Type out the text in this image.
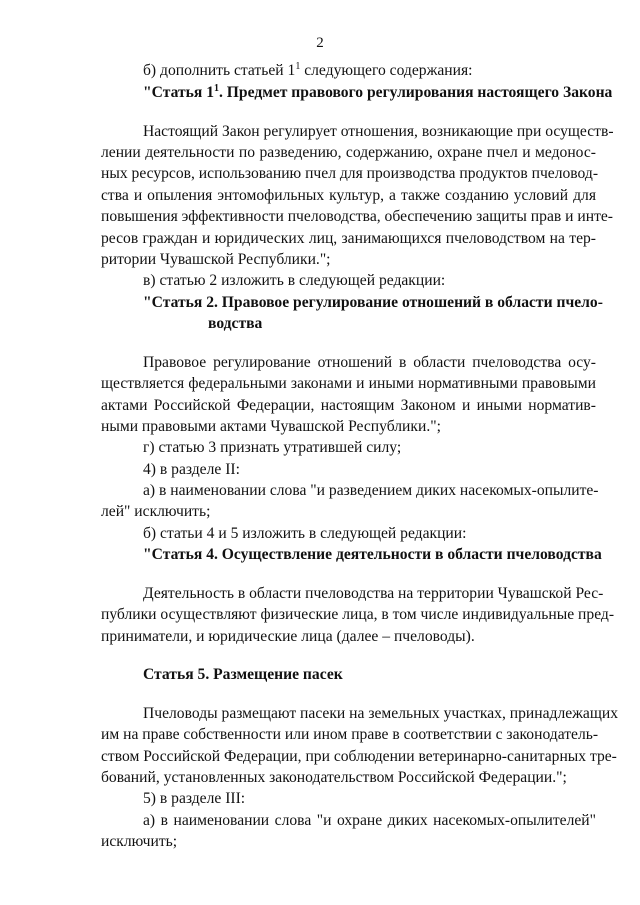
2
б) дополнить статьей $1^1$ следующего содержания:
"Статья $1^1$. Предмет правового регулирования настоящего Закона
Настоящий Закон регулирует отношения, возникающие при осуществ-
лении деятельности по разведению, содержанию, охране пчел и медонос-
ных ресурсов, использованию пчел для производства продуктов пчеловод-
ства и опыления энтомофильных культур, а также созданию условий для
повышения эффективности пчеловодства, обеспечению защиты прав и инте-
ресов граждан и юридических лиц, занимающихся пчеловодством на тер-
ритории Чувашской Республики.";
в) статью 2 изложить в следующей редакции:
"Статья 2. Правовое регулирование отношений в области пчело-
водства
Правовое регулирование отношений в области пчеловодства осу-
ществляется федеральными законами и иными нормативными правовыми
актами Российской Федерации, настоящим Законом и иными норматив-
ными правовыми актами Чувашской Республики.";
г) статью 3 признать утратившей силу;
4) в разделе II:
а) в наименовании слова "и разведением диких насекомых-опылите-
лей" исключить;
б) статьи 4 и 5 изложить в следующей редакции:
"Статья 4. Осуществление деятельности в области пчеловодства
Деятельность в области пчеловодства на территории Чувашской Рес-
публики осуществляют физические лица, в том числе индивидуальные пред-
приниматели, и юридические лица (далее – пчеловоды).
Статья 5. Размещение пасек
Пчеловоды размещают пасеки на земельных участках, принадлежащих
им на праве собственности или ином праве в соответствии с законодатель-
ством Российской Федерации, при соблюдении ветеринарно-санитарных тре-
бований, установленных законодательством Российской Федерации.";
5) в разделе III:
а) в наименовании слова "и охране диких насекомых-опылителей"
исключить;
